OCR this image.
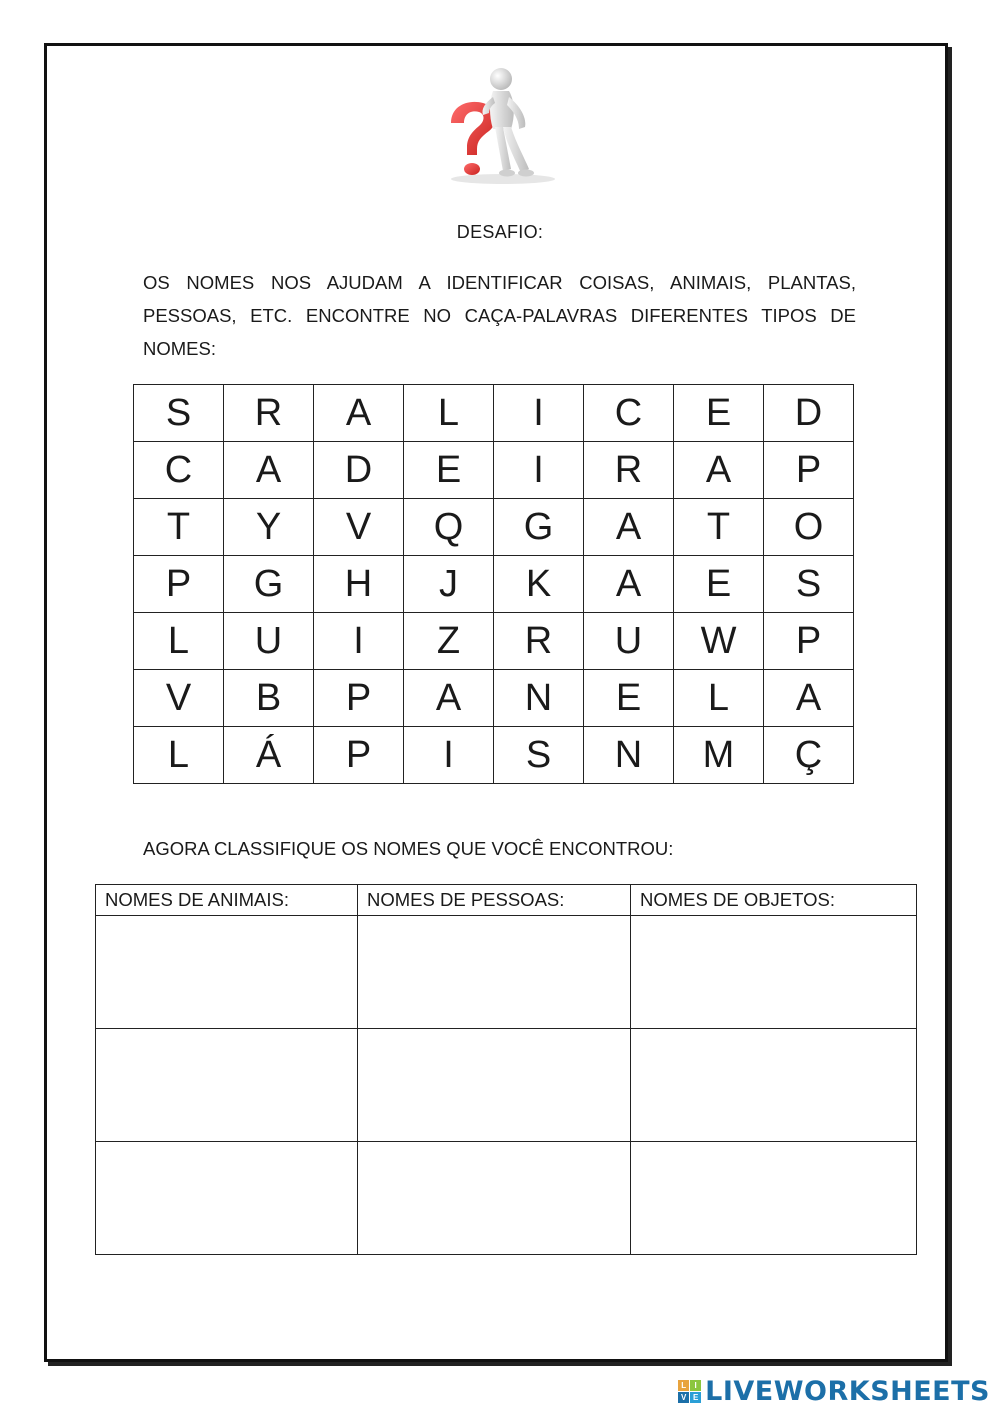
DESAFIO:
OS NOMES NOS AJUDAM A IDENTIFICAR COISAS, ANIMAIS, PLANTAS, PESSOAS, ETC. ENCONTRE NO CAÇA-PALAVRAS DIFERENTES TIPOS DE NOMES:
S	R	A	L	I	C	E	D
C	A	D	E	I	R	A	P
T	Y	V	Q	G	A	T	O
P	G	H	J	K	A	E	S
L	U	I	Z	R	U	W	P
V	B	P	A	N	E	L	A
L	Á	P	I	S	N	M	Ç
AGORA CLASSIFIQUE OS NOMES QUE VOCÊ ENCONTROU:
NOMES DE ANIMAIS:	NOMES DE PESSOAS:	NOMES DE OBJETOS:

L	I
V E LIVEWORKSHEETS
